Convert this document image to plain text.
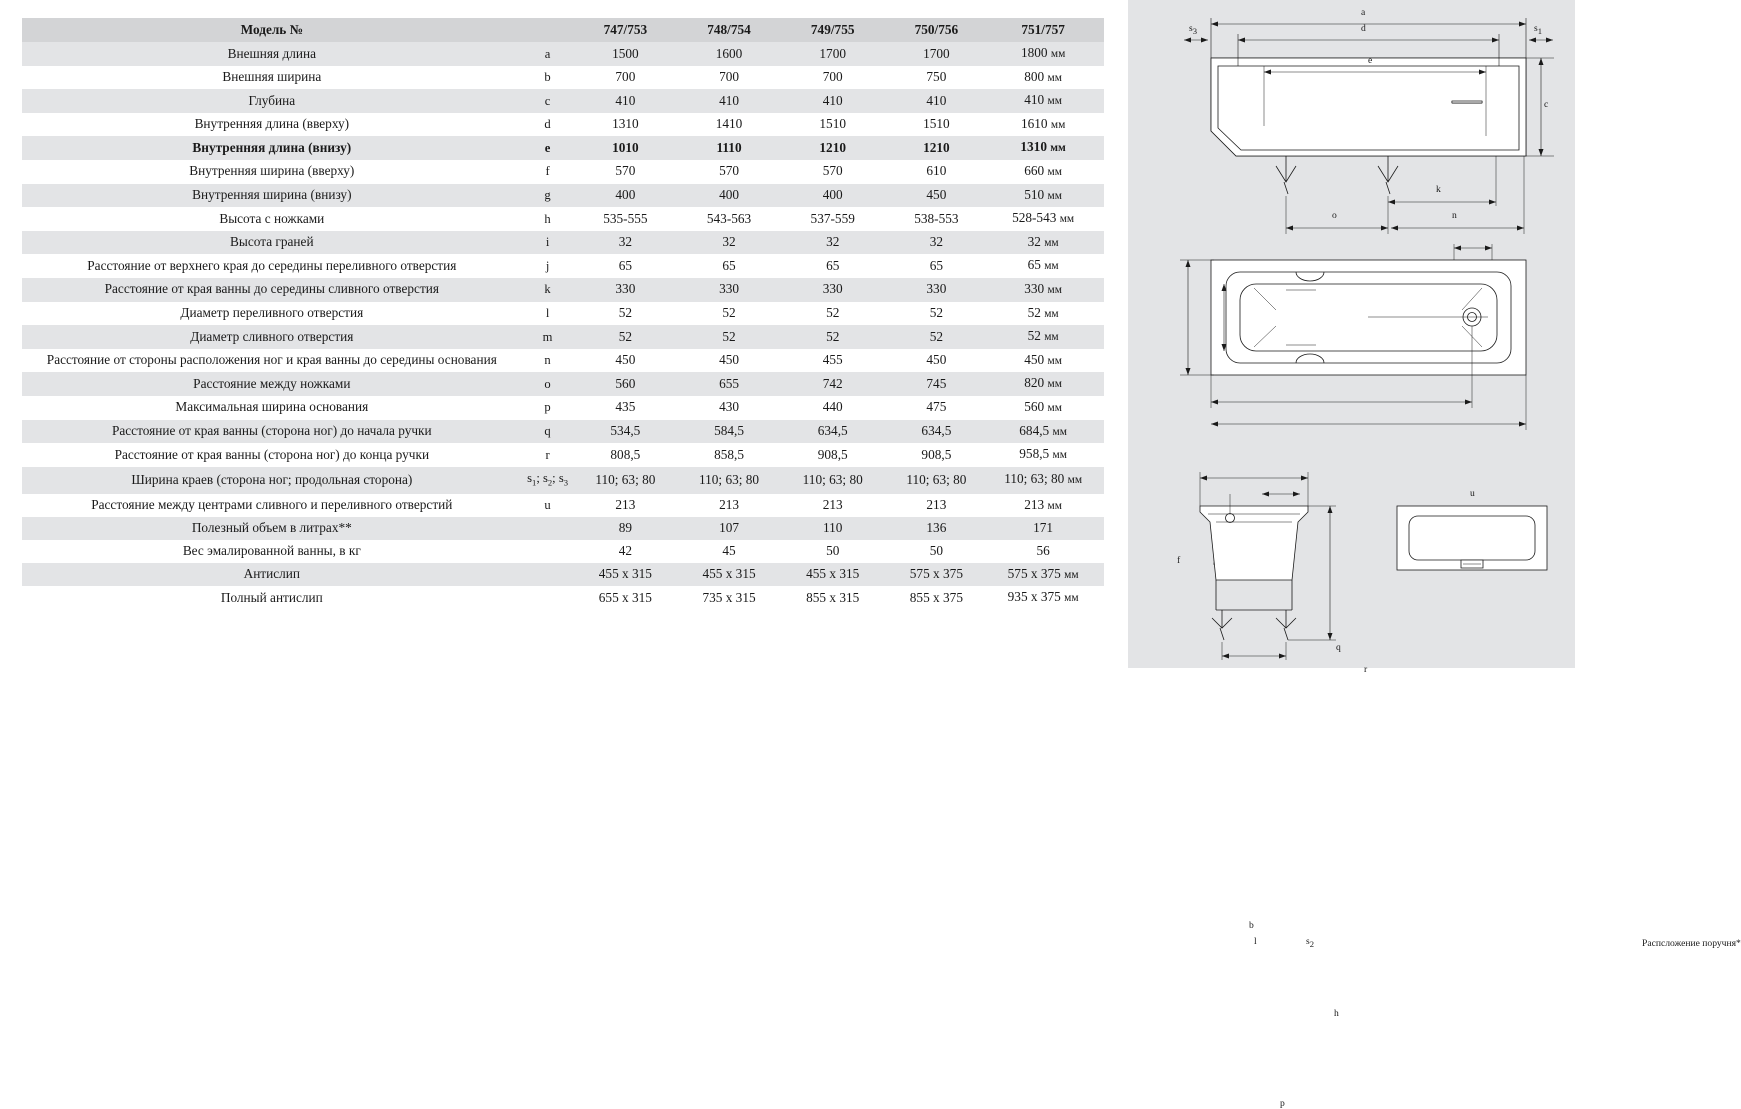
Модель №		747/753	748/754	749/755	750/756	751/757
Внешняя длина	a	1500	1600	1700	1700	1800 мм
Внешняя ширина	b	700	700	700	750	800 мм
Глубина	c	410	410	410	410	410 мм
Внутренняя длина (вверху)	d	1310	1410	1510	1510	1610 мм
Внутренняя длина (внизу)	e	1010	1110	1210	1210	1310 мм
Внутренняя ширина (вверху)	f	570	570	570	610	660 мм
Внутренняя ширина (внизу)	g	400	400	400	450	510 мм
Высота с ножками	h	535-555	543-563	537-559	538-553	528-543 мм
Высота граней	i	32	32	32	32	32 мм
Расстояние от верхнего края до середины переливного отверстия	j	65	65	65	65	65 мм
Расстояние от края ванны до середины сливного отверстия	k	330	330	330	330	330 мм
Диаметр переливного отверстия	l	52	52	52	52	52 мм
Диаметр сливного отверстия	m	52	52	52	52	52 мм
Расстояние от стороны расположения ног и края ванны до середины основания	n	450	450	455	450	450 мм
Расстояние между ножками	o	560	655	742	745	820 мм
Максимальная ширина основания	p	435	430	440	475	560 мм
Расстояние от края ванны (сторона ног) до начала ручки	q	534,5	584,5	634,5	634,5	684,5 мм
Расстояние от края ванны (сторона ног) до конца ручки	r	808,5	858,5	908,5	908,5	958,5 мм
Ширина краев (сторона ног; продольная сторона)	$s_1$; $s_2$; $s_3$	110; 63; 80	110; 63; 80	110; 63; 80	110; 63; 80	110; 63; 80 мм
Расстояние между центрами сливного и переливного отверстий	u	213	213	213	213	213 мм
Полезный объем в литрах**		89	107	110	136	171
Вес эмалированной ванны, в кг		42	45	50	50	56
Антислип		455 x 315	455 x 315	455 x 315	575 x 375	575 x 375 мм
Полный антислип		655 x 315	735 x 315	855 x 315	855 x 375	935 x 375 мм
a
d
e
$s_3$	$s_1$
c
k
o	n
u
f
q
r
b
l	$s_2$
h
p
Распсложение поручня*
